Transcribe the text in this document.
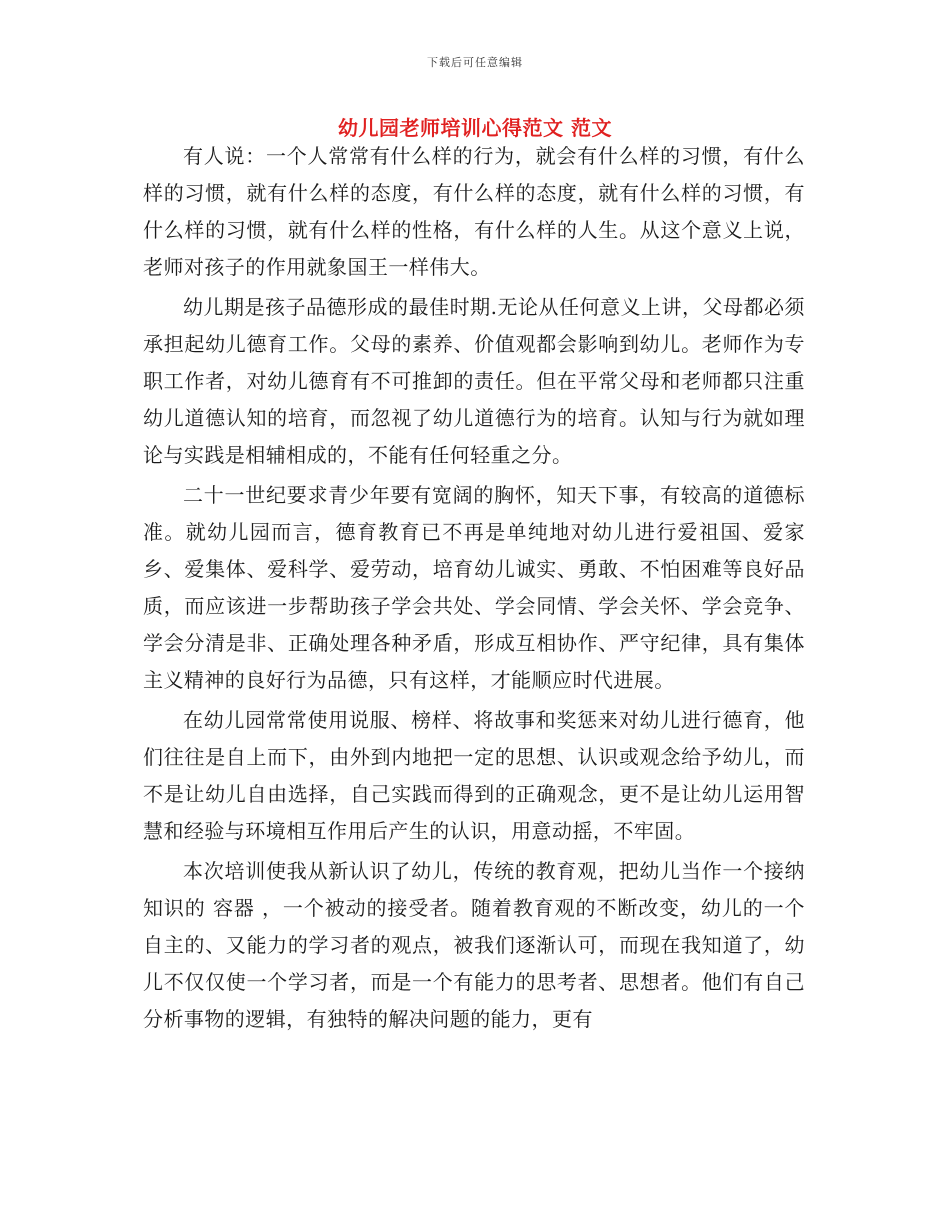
下载后可任意编辑
幼儿园老师培训心得范文 范文

有人说：一个人常常有什么样的行为，就会有什么样的习惯，有什么样的习惯，就有什么样的态度，有什么样的态度，就有什么样的习惯，有什么样的习惯，就有什么样的性格，有什么样的人生。从这个意义上说，老师对孩子的作用就象国王一样伟大。

幼儿期是孩子品德形成的最佳时期.无论从任何意义上讲，父母都必须承担起幼儿德育工作。父母的素养、价值观都会影响到幼儿。老师作为专职工作者，对幼儿德育有不可推卸的责任。但在平常父母和老师都只注重幼儿道德认知的培育，而忽视了幼儿道德行为的培育。认知与行为就如理论与实践是相辅相成的，不能有任何轻重之分。

二十一世纪要求青少年要有宽阔的胸怀，知天下事，有较高的道德标准。就幼儿园而言，德育教育已不再是单纯地对幼儿进行爱祖国、爱家乡、爱集体、爱科学、爱劳动，培育幼儿诚实、勇敢、不怕困难等良好品质，而应该进一步帮助孩子学会共处、学会同情、学会关怀、学会竞争、学会分清是非、正确处理各种矛盾，形成互相协作、严守纪律，具有集体主义精神的良好行为品德，只有这样，才能顺应时代进展。

在幼儿园常常使用说服、榜样、将故事和奖惩来对幼儿进行德育，他们往往是自上而下，由外到内地把一定的思想、认识或观念给予幼儿，而不是让幼儿自由选择，自己实践而得到的正确观念，更不是让幼儿运用智慧和经验与环境相互作用后产生的认识，用意动摇，不牢固。

本次培训使我从新认识了幼儿，传统的教育观，把幼儿当作一个接纳知识的 容器 ，一个被动的接受者。随着教育观的不断改变，幼儿的一个自主的、又能力的学习者的观点，被我们逐渐认可，而现在我知道了，幼儿不仅仅使一个学习者，而是一个有能力的思考者、思想者。他们有自己分析事物的逻辑，有独特的解决问题的能力，更有
